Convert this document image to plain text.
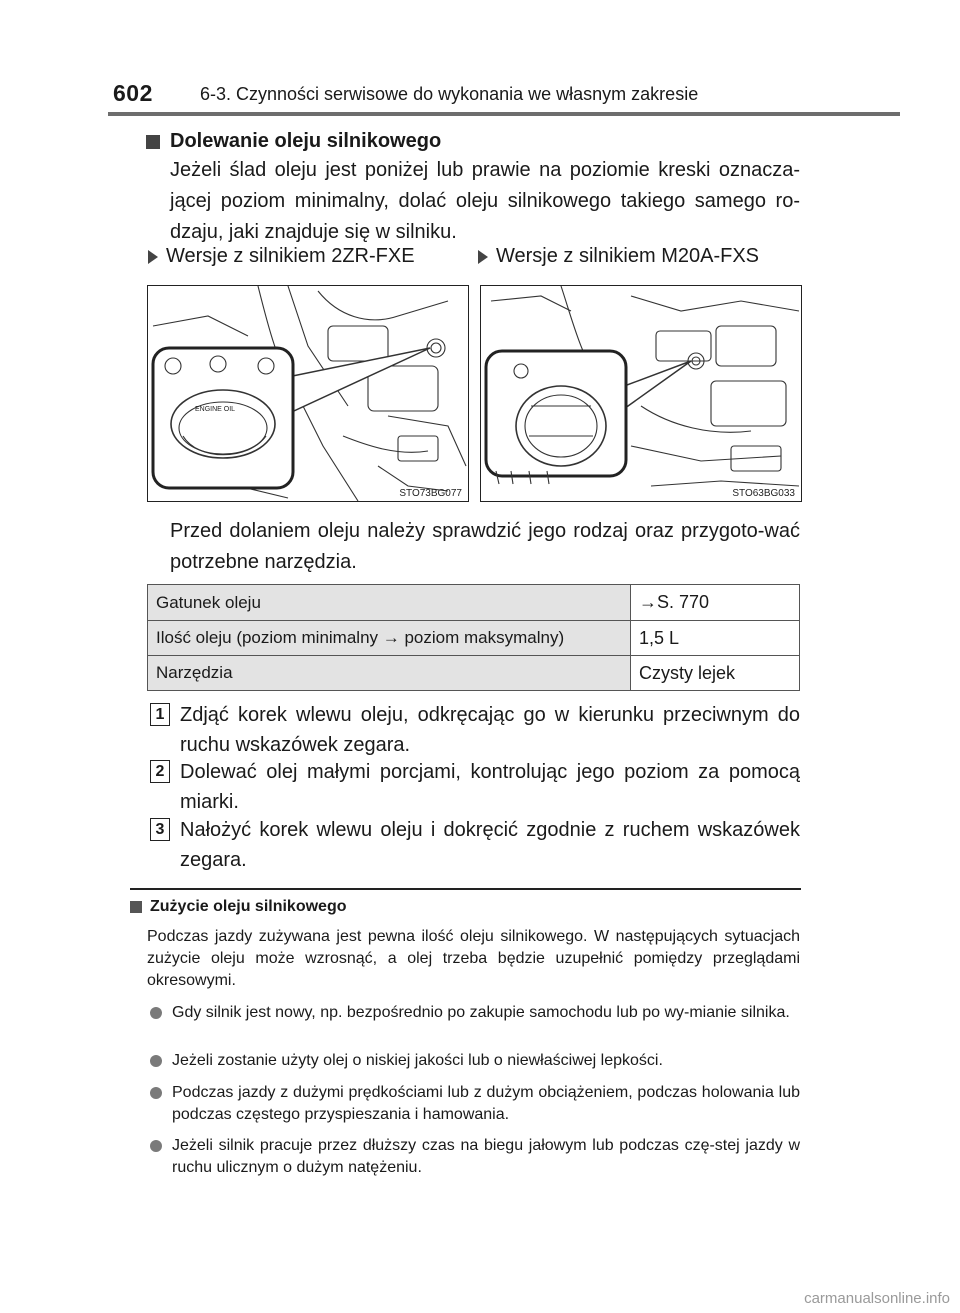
602	6-3. Czynności serwisowe do wykonania we własnym zakresie
Dolewanie oleju silnikowego
Jeżeli ślad oleju jest poniżej lub prawie na poziomie kreski oznacza-jącej poziom minimalny, dolać oleju silnikowego takiego samego ro-dzaju, jaki znajduje się w silniku.
Wersje z silnikiem 2ZR-FXE	Wersje z silnikiem M20A-FXS
ENGINE OIL
STO73BG077	STO63BG033
Przed dolaniem oleju należy sprawdzić jego rodzaj oraz przygoto-wać potrzebne narzędzia.
Gatunek oleju	→S. 770
Ilość oleju (poziom minimalny → poziom maksymalny)	1,5 L
Narzędzia	Czysty lejek
1 Zdjąć korek wlewu oleju, odkręcając go w kierunku przeciwnym do ruchu wskazówek zegara.
2 Dolewać olej małymi porcjami, kontrolując jego poziom za pomocą miarki.
3 Nałożyć korek wlewu oleju i dokręcić zgodnie z ruchem wskazówek zegara.
Zużycie oleju silnikowego
Podczas jazdy zużywana jest pewna ilość oleju silnikowego. W następujących sytuacjach zużycie oleju może wzrosnąć, a olej trzeba będzie uzupełnić pomiędzy przeglądami okresowymi.
Gdy silnik jest nowy, np. bezpośrednio po zakupie samochodu lub po wy-mianie silnika.
Jeżeli zostanie użyty olej o niskiej jakości lub o niewłaściwej lepkości.
Podczas jazdy z dużymi prędkościami lub z dużym obciążeniem, podczas holowania lub podczas częstego przyspieszania i hamowania.
Jeżeli silnik pracuje przez dłuższy czas na biegu jałowym lub podczas czę-stej jazdy w ruchu ulicznym o dużym natężeniu.
carmanualsonline.info
